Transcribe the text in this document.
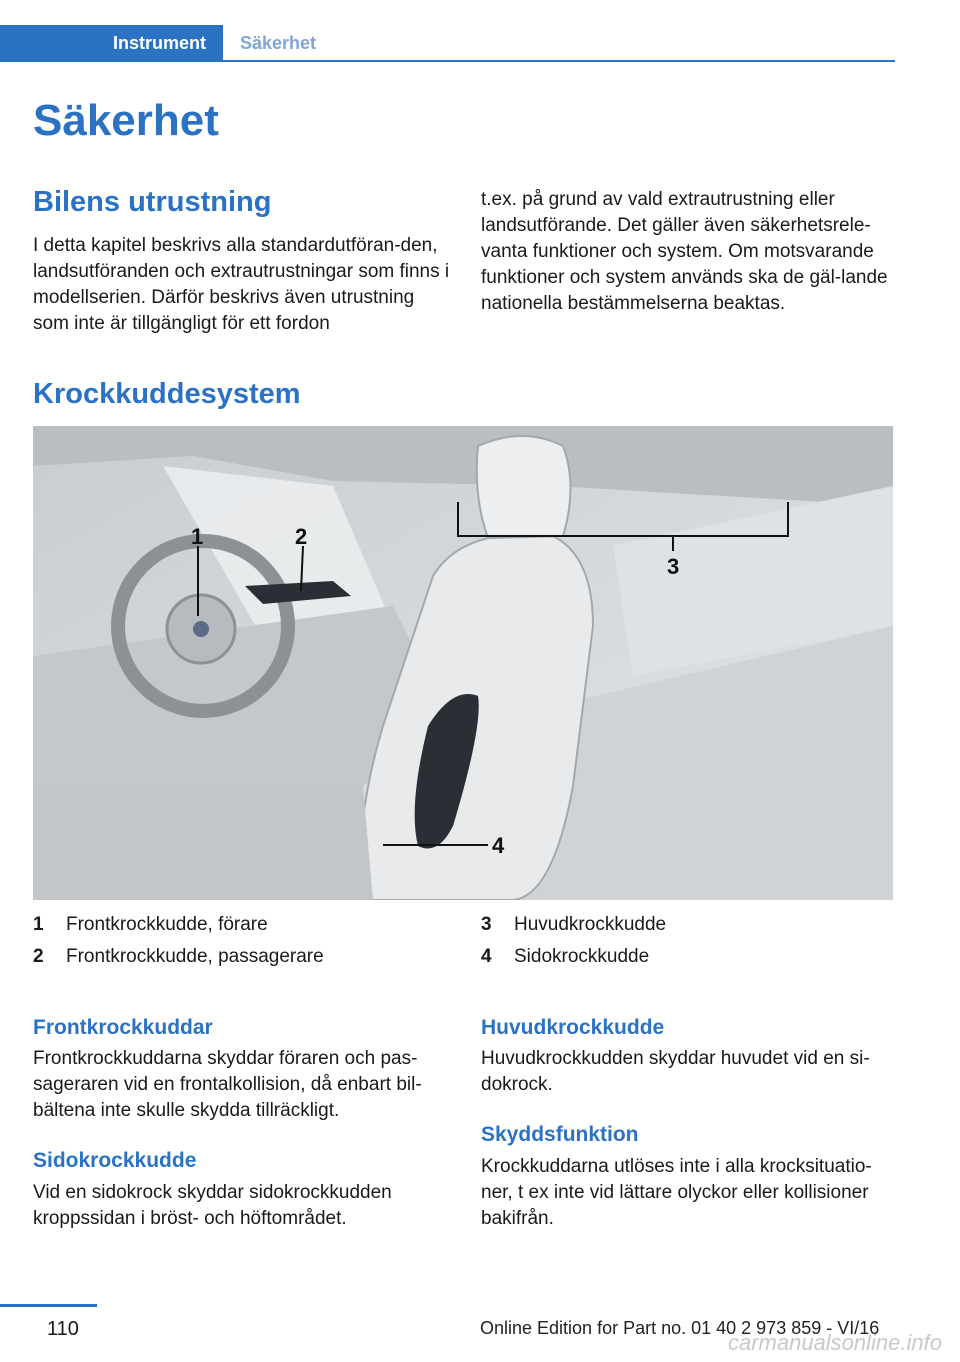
Instrument	Säkerhet
Säkerhet
Bilens utrustning

I detta kapitel beskrivs alla standardutföran-den, landsutföranden och extrautrustningar som finns i modellserien. Därför beskrivs även utrustning som inte är tillgängligt för ett fordon

t.ex. på grund av vald extrautrustning eller landsutförande. Det gäller även säkerhetsrele-vanta funktioner och system. Om motsvarande funktioner och system används ska de gäl-lande nationella bestämmelserna beaktas.

Krockkuddesystem
1	2
3
4
1 Frontkrockkudde, förare
2 Frontkrockkudde, passagerare
3 Huvudkrockkudde
4 Sidokrockkudde
Frontkrockkuddar

Frontkrockkuddarna skyddar föraren och pas-sageraren vid en frontalkollision, då enbart bil-bältena inte skulle skydda tillräckligt.

Sidokrockkudde

Vid en sidokrock skyddar sidokrockkudden kroppssidan i bröst- och höftområdet.

Huvudkrockkudde

Huvudkrockkudden skyddar huvudet vid en si-dokrock.

Skyddsfunktion

Krockkuddarna utlöses inte i alla krocksituatio-ner, t ex inte vid lättare olyckor eller kollisioner bakifrån.

110	Online Edition for Part no. 01 40 2 973 859 - VI/16
carmanualsonline.info
